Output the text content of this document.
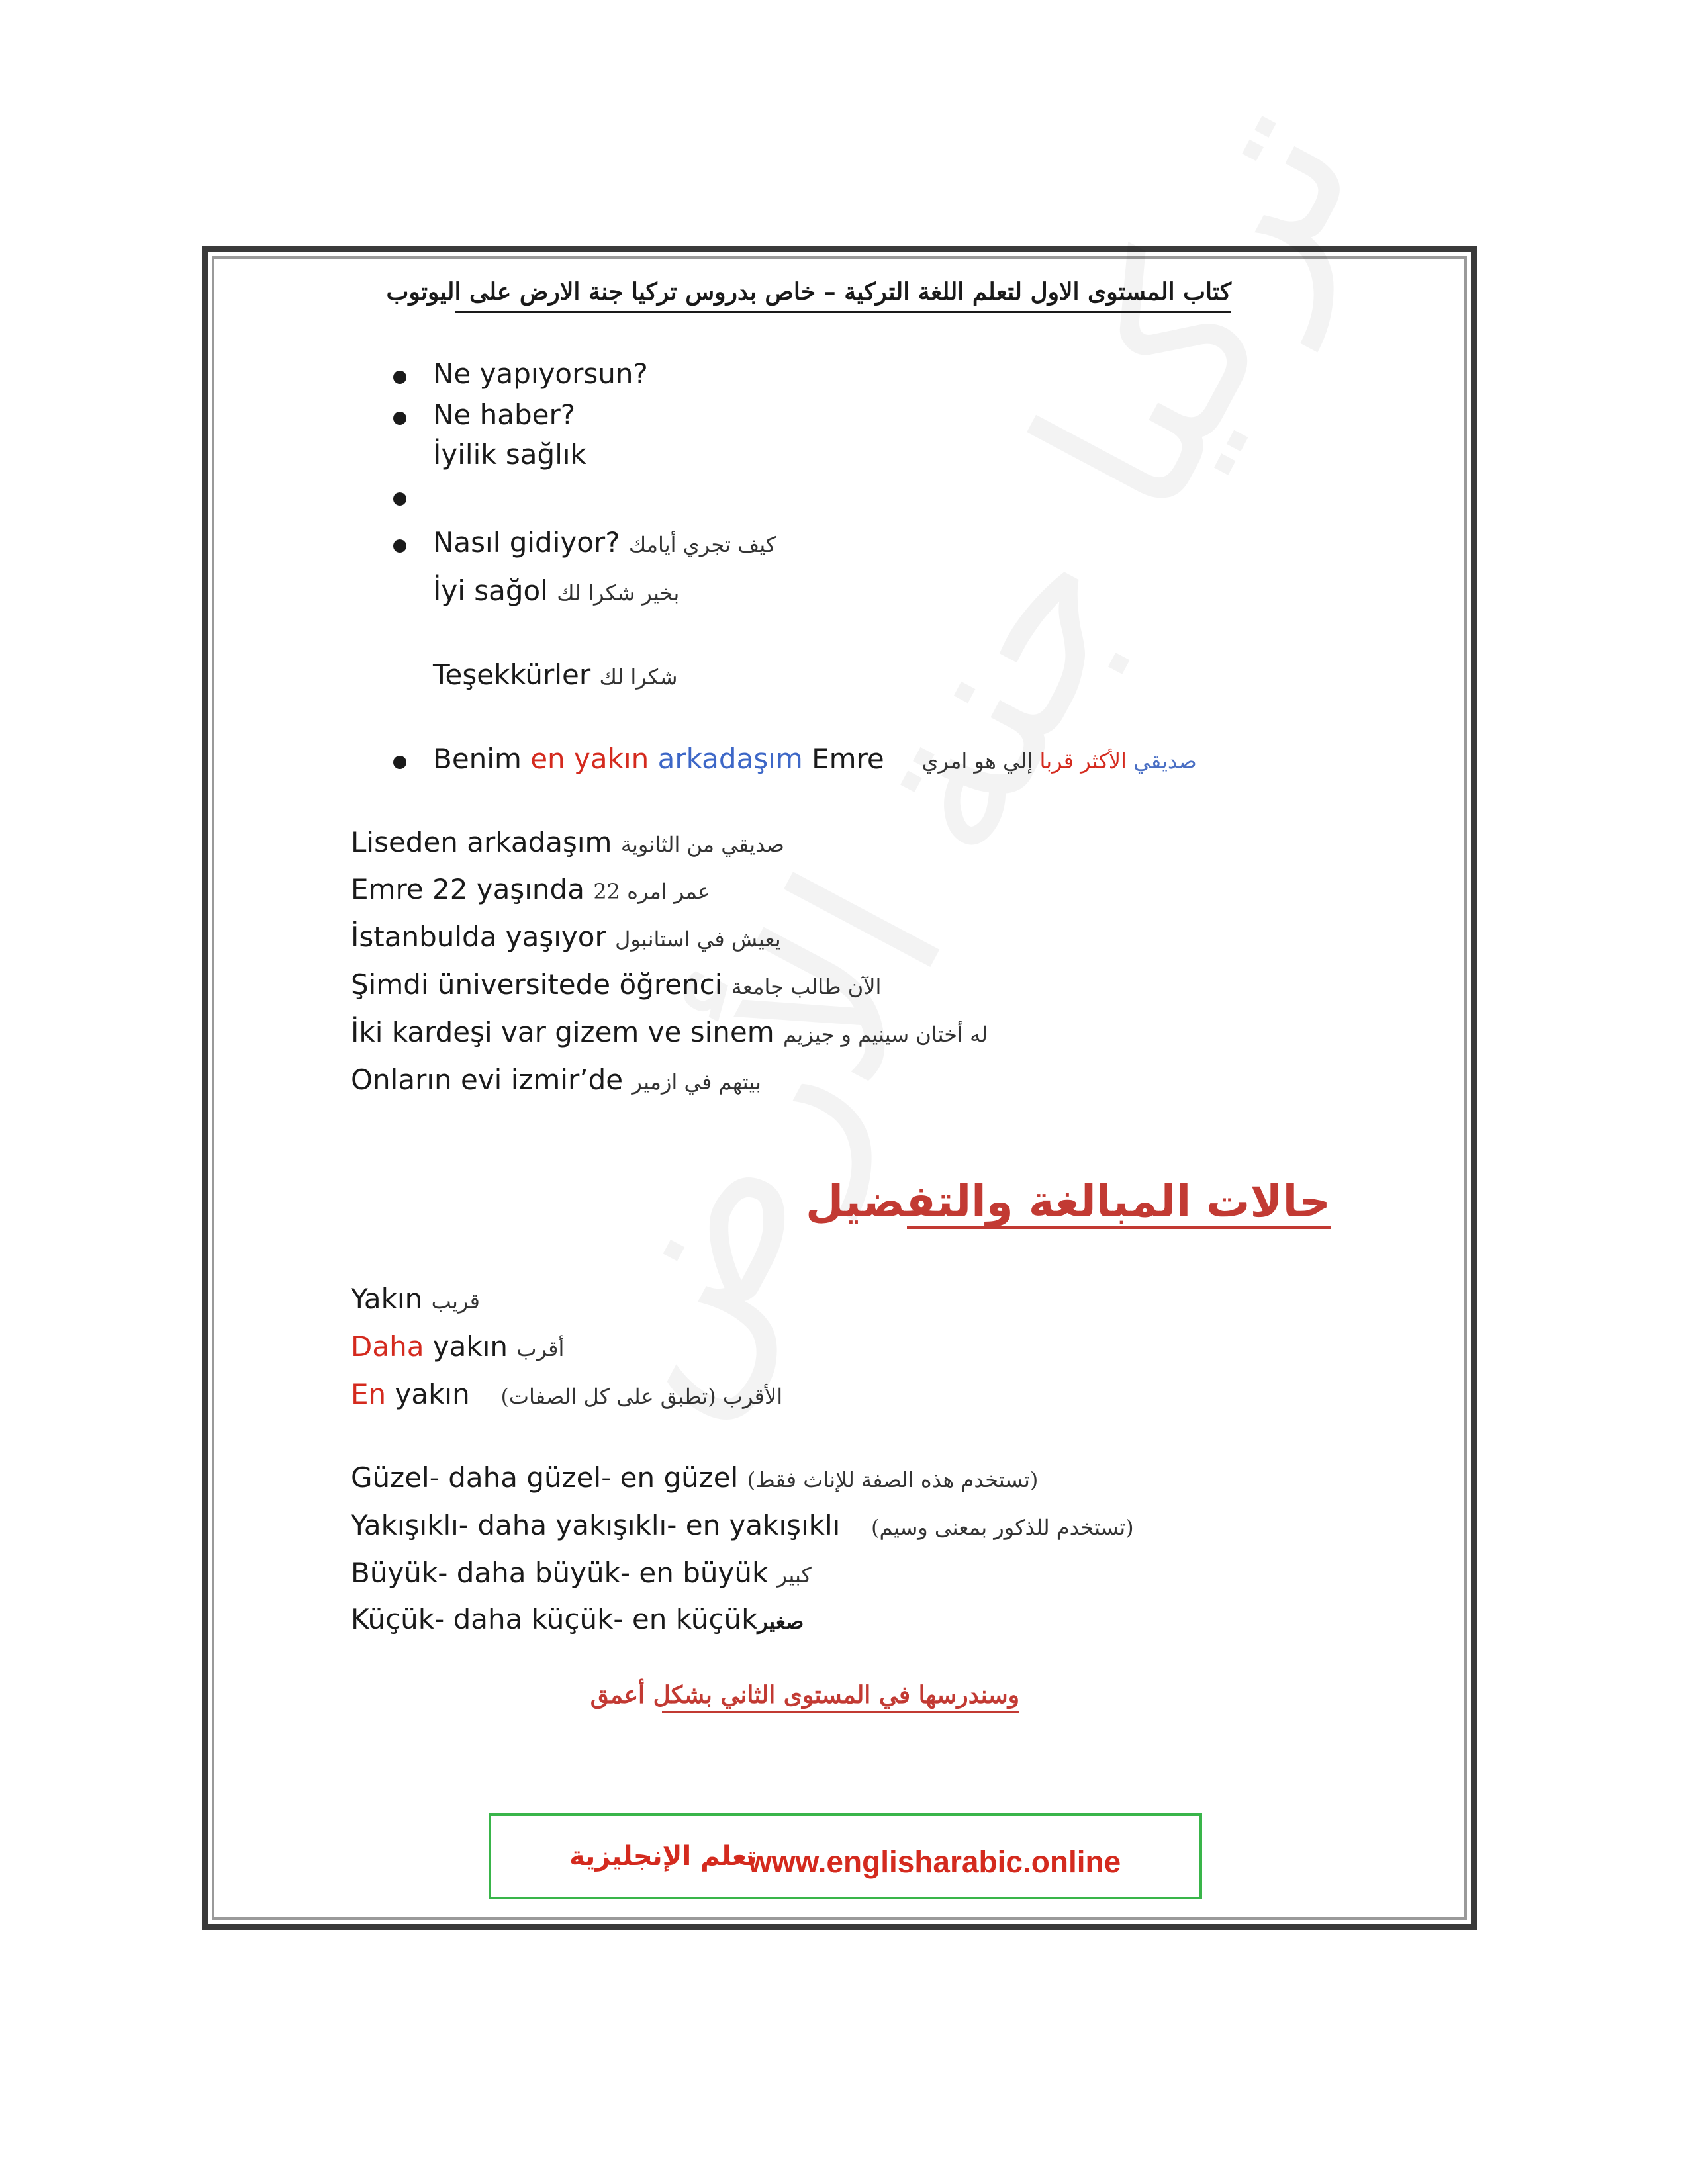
كتاب المستوى الاول لتعلم اللغة التركية – خاص بدروس تركيا جنة الارض على اليوتوب
Ne yapıyorsun?
Ne haber?
İyilik sağlık
Nasıl gidiyor? كيف تجري أيامك
İyi sağol بخير شكرا لك
Teşekkürler شكرا لك
Benim en yakın arkadaşım Emre	صديقي الأكثر قربا إلي هو امري
Liseden arkadaşım صديقي من الثانوية
Emre 22 yaşında عمر امره 22
İstanbulda yaşıyor يعيش في استانبول
Şimdi üniversitede öğrenci الآن طالب جامعة
İki kardeşi var gizem ve sinem له أختان سينيم و جيزيم
Onların evi izmir’de بيتهم في ازمير
حالات المبالغة والتفضيل
Yakın قريب
Daha yakın أقرب
En yakın الأقرب (تطبق على كل الصفات)
Güzel- daha güzel- en güzel (تستخدم هذه الصفة للإناث فقط)
Yakışıklı- daha yakışıklı- en yakışıklı (تستخدم للذكور بمعنى وسيم)
Büyük- daha büyük- en büyük كبير
Küçük- daha küçük- en küçükصغير
وسندرسها في المستوى الثاني بشكل أعمق
تعلم الإنجليزية
www.englisharabic.online
